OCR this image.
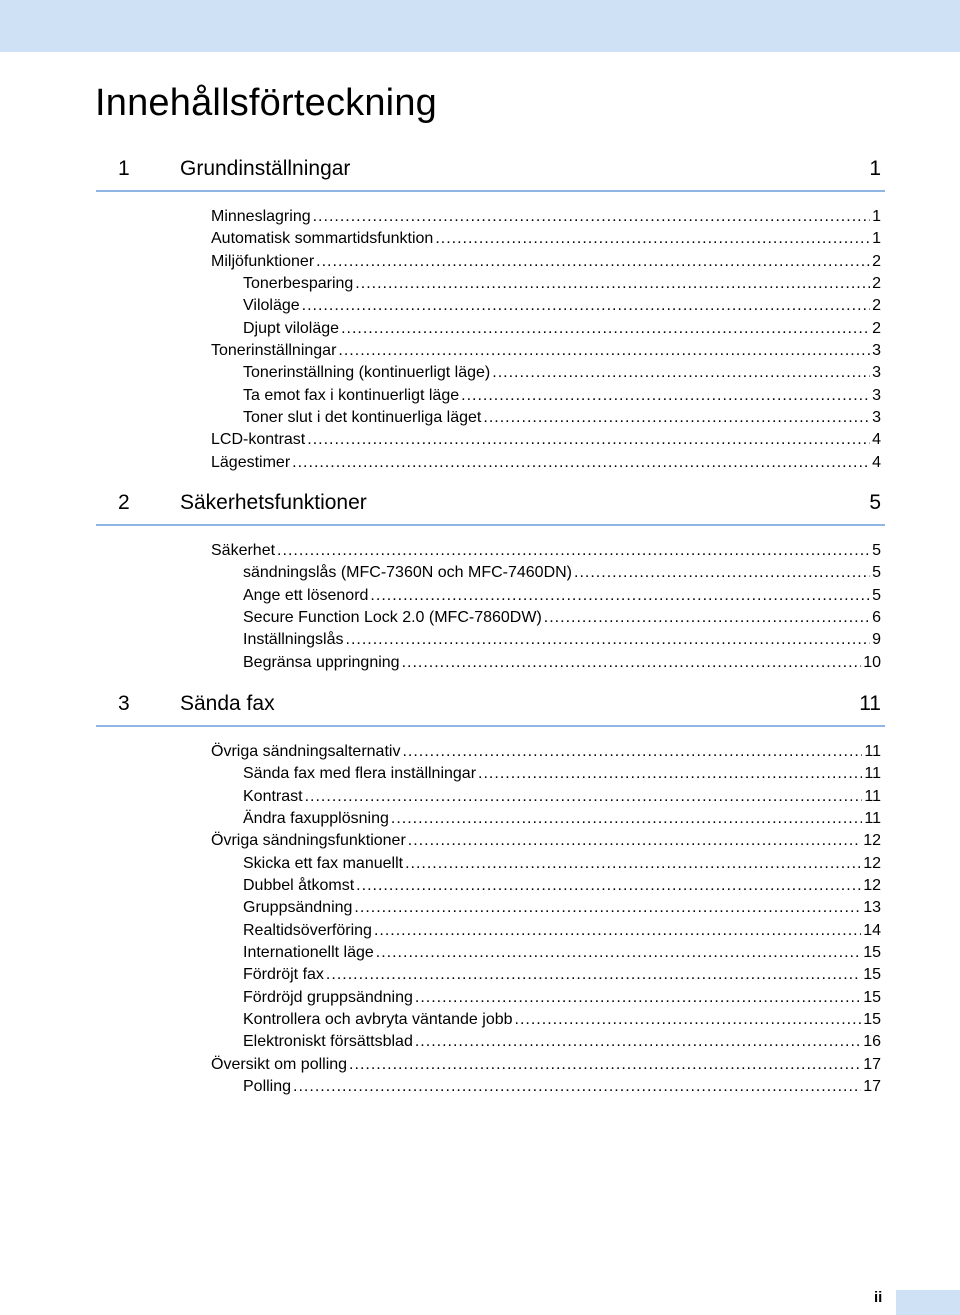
Innehållsförteckning
1 Grundinställningar	1
Minneslagring .....	1
Automatisk sommartidsfunktion .....	1
Miljöfunktioner .....	2
Tonerbesparing .....	2
Viloläge .....	2
Djupt viloläge .....	2
Tonerinställningar .....	3
Tonerinställning (kontinuerligt läge) .....	3
Ta emot fax i kontinuerligt läge .....	3
Toner slut i det kontinuerliga läget .....	3
LCD-kontrast .....	4
Lägestimer .....	4
2 Säkerhetsfunktioner	5
Säkerhet .....	5
sändningslås (MFC-7360N och MFC-7460DN) .....	5
Ange ett lösenord .....	5
Secure Function Lock 2.0 (MFC-7860DW) .....	6
Inställningslås .....	9
Begränsa uppringning .....	10
3 Sända fax	11
Övriga sändningsalternativ .....	11
Sända fax med flera inställningar .....	11
Kontrast .....	11
Ändra faxupplösning .....	11
Övriga sändningsfunktioner .....	12
Skicka ett fax manuellt .....	12
Dubbel åtkomst .....	12
Gruppsändning .....	13
Realtidsöverföring .....	14
Internationellt läge .....	15
Fördröjt fax .....	15
Fördröjd gruppsändning .....	15
Kontrollera och avbryta väntande jobb .....	15
Elektroniskt försättsblad .....	16
Översikt om polling .....	17
Polling .....	17
ii
